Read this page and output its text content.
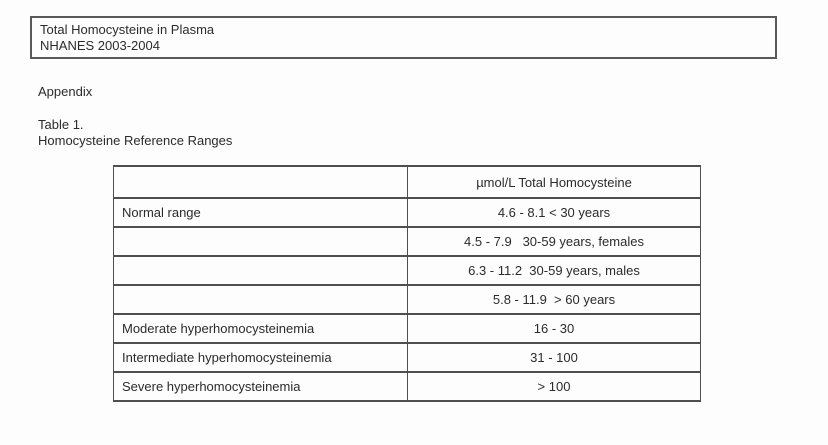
Total Homocysteine in Plasma
NHANES 2003-2004
Appendix
Table 1.
Homocysteine Reference Ranges
	µmol/L Total Homocysteine
Normal range	4.6 - 8.1 < 30 years
	4.5 - 7.9   30-59 years, females
	6.3 - 11.2  30-59 years, males
	5.8 - 11.9  > 60 years
Moderate hyperhomocysteinemia	16 - 30
Intermediate hyperhomocysteinemia	31 - 100
Severe hyperhomocysteinemia	> 100
